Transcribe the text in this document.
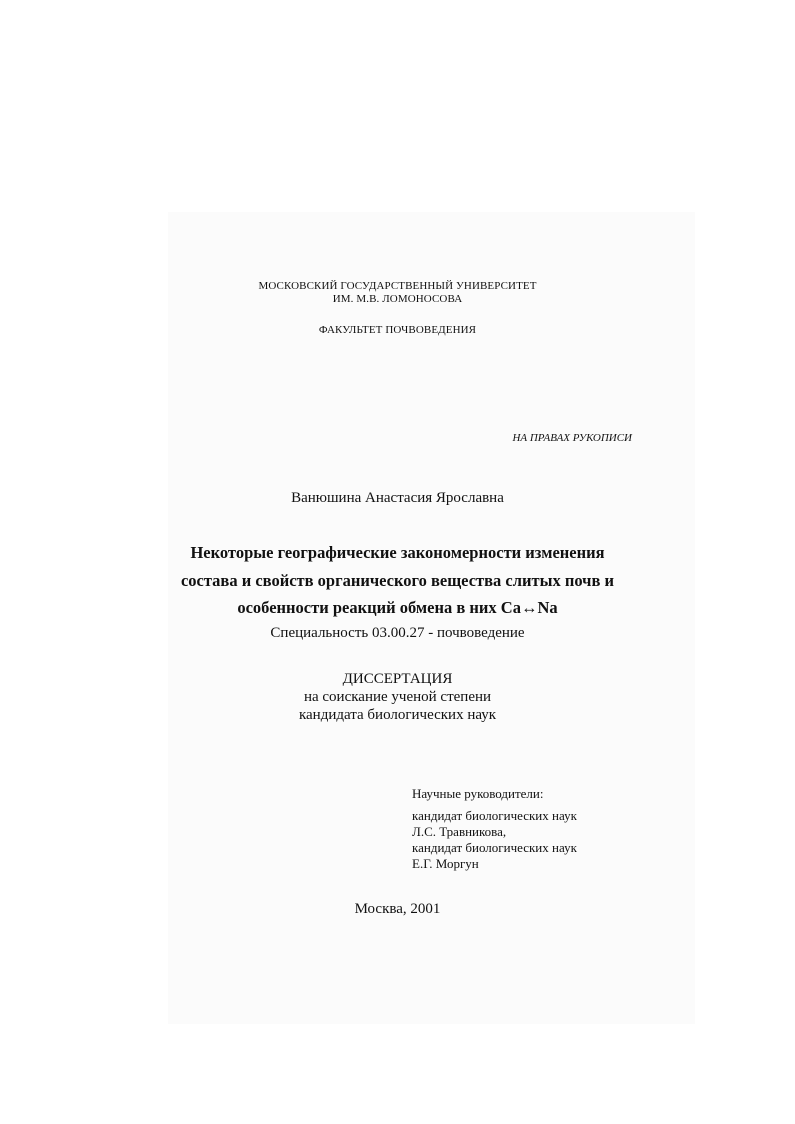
МОСКОВСКИЙ ГОСУДАРСТВЕННЫЙ УНИВЕРСИТЕТ

ИМ. М.В. ЛОМОНОСОВА

ФАКУЛЬТЕТ ПОЧВОВЕДЕНИЯ

НА ПРАВАХ РУКОПИСИ

Ванюшина Анастасия Ярославна

Некоторые географические закономерности изменения

состава и свойств органического вещества слитых почв и

особенности реакций обмена в них Ca↔Na

Специальность 03.00.27 - почвоведение

ДИССЕРТАЦИЯ

на соискание ученой степени

кандидата биологических наук

Научные руководители:

кандидат биологических наук

Л.С. Травникова,

кандидат биологических наук

Е.Г. Моргун

Москва, 2001
